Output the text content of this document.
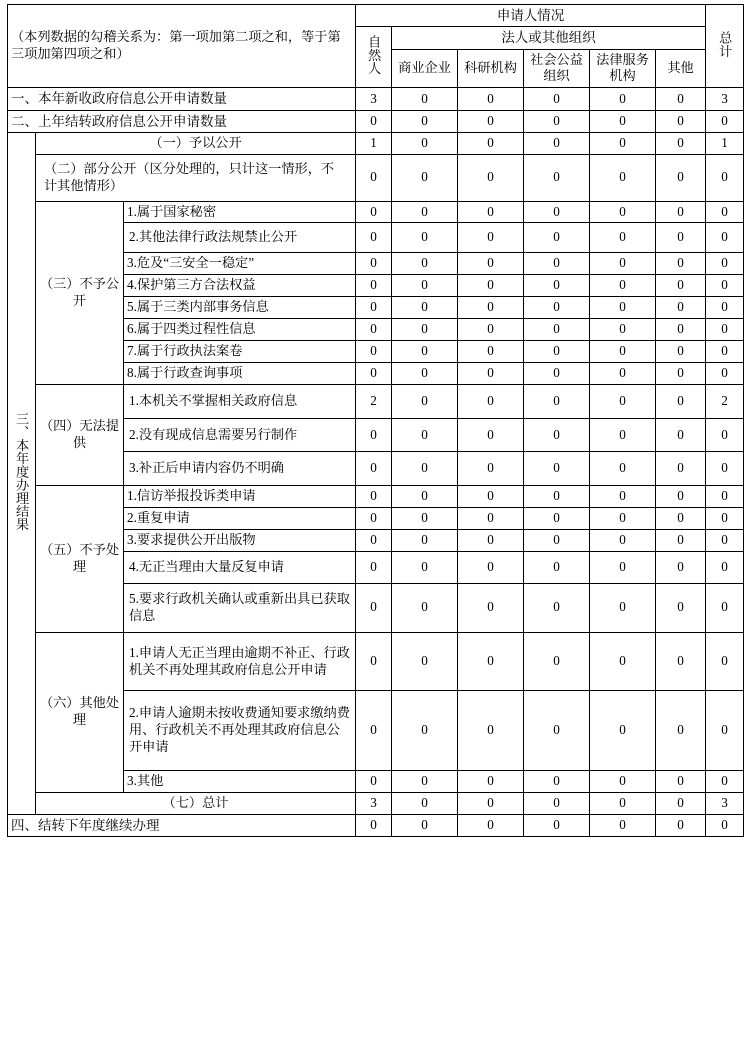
（本列数据的勾稽关系为：第一项加第二项之和，等于第三项加第四项之和）			申请人情况						总计
			自然人	法人或其他组织					
				商业企业	科研机构	社会公益组织	法律服务机构	其他	
一、本年新收政府信息公开申请数量			3	0	0	0	0	0	3
二、上年结转政府信息公开申请数量			0	0	0	0	0	0	0
三、本年度办理结果	（一）予以公开		1	0	0	0	0	0	1
	（二）部分公开（区分处理的，只计这一情形，不计其他情形）		0	0	0	0	0	0	0
	（三）不予公开	1.属于国家秘密	0	0	0	0	0	0	0
		2.其他法律行政法规禁止公开	0	0	0	0	0	0	0
		3.危及“三安全一稳定”	0	0	0	0	0	0	0
		4.保护第三方合法权益	0	0	0	0	0	0	0
		5.属于三类内部事务信息	0	0	0	0	0	0	0
		6.属于四类过程性信息	0	0	0	0	0	0	0
		7.属于行政执法案卷	0	0	0	0	0	0	0
		8.属于行政查询事项	0	0	0	0	0	0	0
	（四）无法提供	1.本机关不掌握相关政府信息	2	0	0	0	0	0	2
		2.没有现成信息需要另行制作	0	0	0	0	0	0	0
		3.补正后申请内容仍不明确	0	0	0	0	0	0	0
	（五）不予处理	1.信访举报投诉类申请	0	0	0	0	0	0	0
		2.重复申请	0	0	0	0	0	0	0
		3.要求提供公开出版物	0	0	0	0	0	0	0
		4.无正当理由大量反复申请	0	0	0	0	0	0	0
		5.要求行政机关确认或重新出具已获取信息	0	0	0	0	0	0	0
	（六）其他处理	1.申请人无正当理由逾期不补正、行政机关不再处理其政府信息公开申请	0	0	0	0	0	0	0
		2.申请人逾期未按收费通知要求缴纳费用、行政机关不再处理其政府信息公开申请	0	0	0	0	0	0	0
		3.其他	0	0	0	0	0	0	0
	（七）总计		3	0	0	0	0	0	3
四、结转下年度继续办理			0	0	0	0	0	0	0
